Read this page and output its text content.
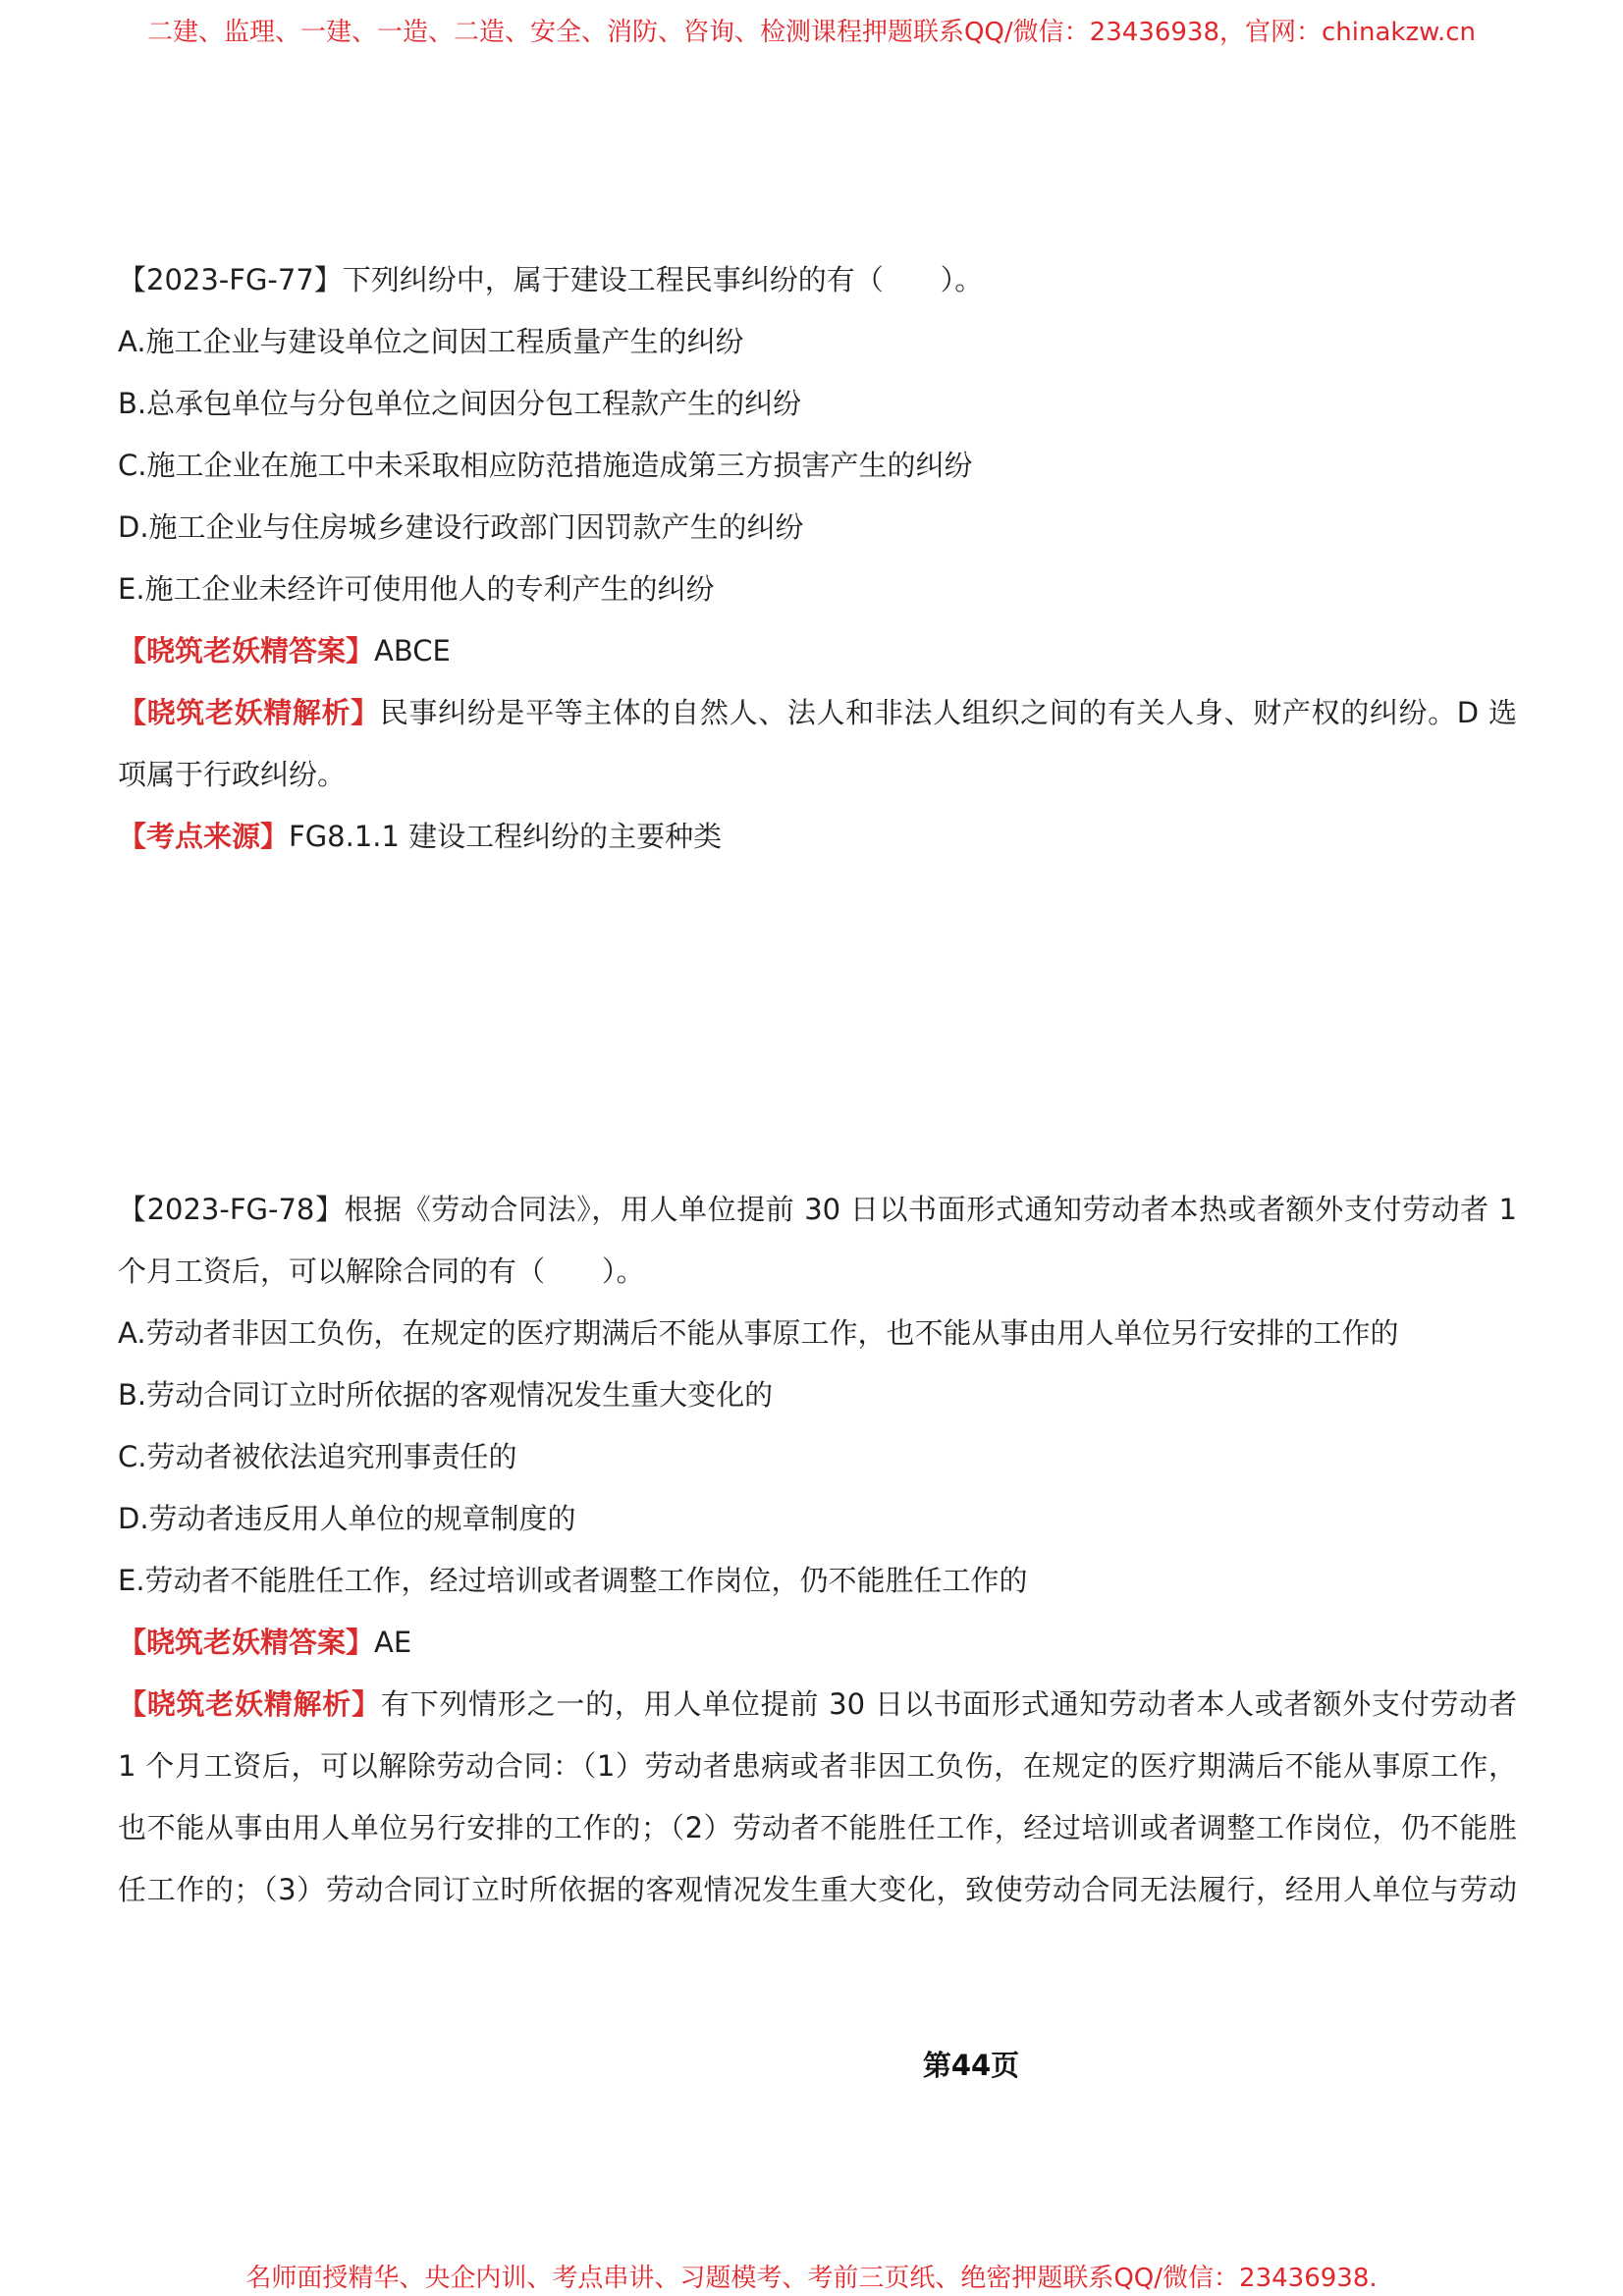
二建、监理、一建、一造、二造、安全、消防、咨询、检测课程押题联系QQ/微信：23436938，官网：chinakzw.cn
【2023-FG-77】下列纠纷中，属于建设工程民事纠纷的有（　　）。
A.施工企业与建设单位之间因工程质量产生的纠纷
B.总承包单位与分包单位之间因分包工程款产生的纠纷
C.施工企业在施工中未采取相应防范措施造成第三方损害产生的纠纷
D.施工企业与住房城乡建设行政部门因罚款产生的纠纷
E.施工企业未经许可使用他人的专利产生的纠纷
【晓筑老妖精答案】ABCE
【晓筑老妖精解析】民事纠纷是平等主体的自然人、法人和非法人组织之间的有关人身、财产权的纠纷。D 选
项属于行政纠纷。
【考点来源】FG8.1.1 建设工程纠纷的主要种类
【2023-FG-78】根据《劳动合同法》，用人单位提前 30 日以书面形式通知劳动者本热或者额外支付劳动者 1
个月工资后，可以解除合同的有（　　）。
A.劳动者非因工负伤，在规定的医疗期满后不能从事原工作，也不能从事由用人单位另行安排的工作的
B.劳动合同订立时所依据的客观情况发生重大变化的
C.劳动者被依法追究刑事责任的
D.劳动者违反用人单位的规章制度的
E.劳动者不能胜任工作，经过培训或者调整工作岗位，仍不能胜任工作的
【晓筑老妖精答案】AE
【晓筑老妖精解析】有下列情形之一的，用人单位提前 30 日以书面形式通知劳动者本人或者额外支付劳动者
1 个月工资后，可以解除劳动合同：（1）劳动者患病或者非因工负伤，在规定的医疗期满后不能从事原工作，
也不能从事由用人单位另行安排的工作的；（2）劳动者不能胜任工作，经过培训或者调整工作岗位，仍不能胜
任工作的；（3）劳动合同订立时所依据的客观情况发生重大变化，致使劳动合同无法履行，经用人单位与劳动
第44页
名师面授精华、央企内训、考点串讲、习题模考、考前三页纸、绝密押题联系QQ/微信：23436938.
